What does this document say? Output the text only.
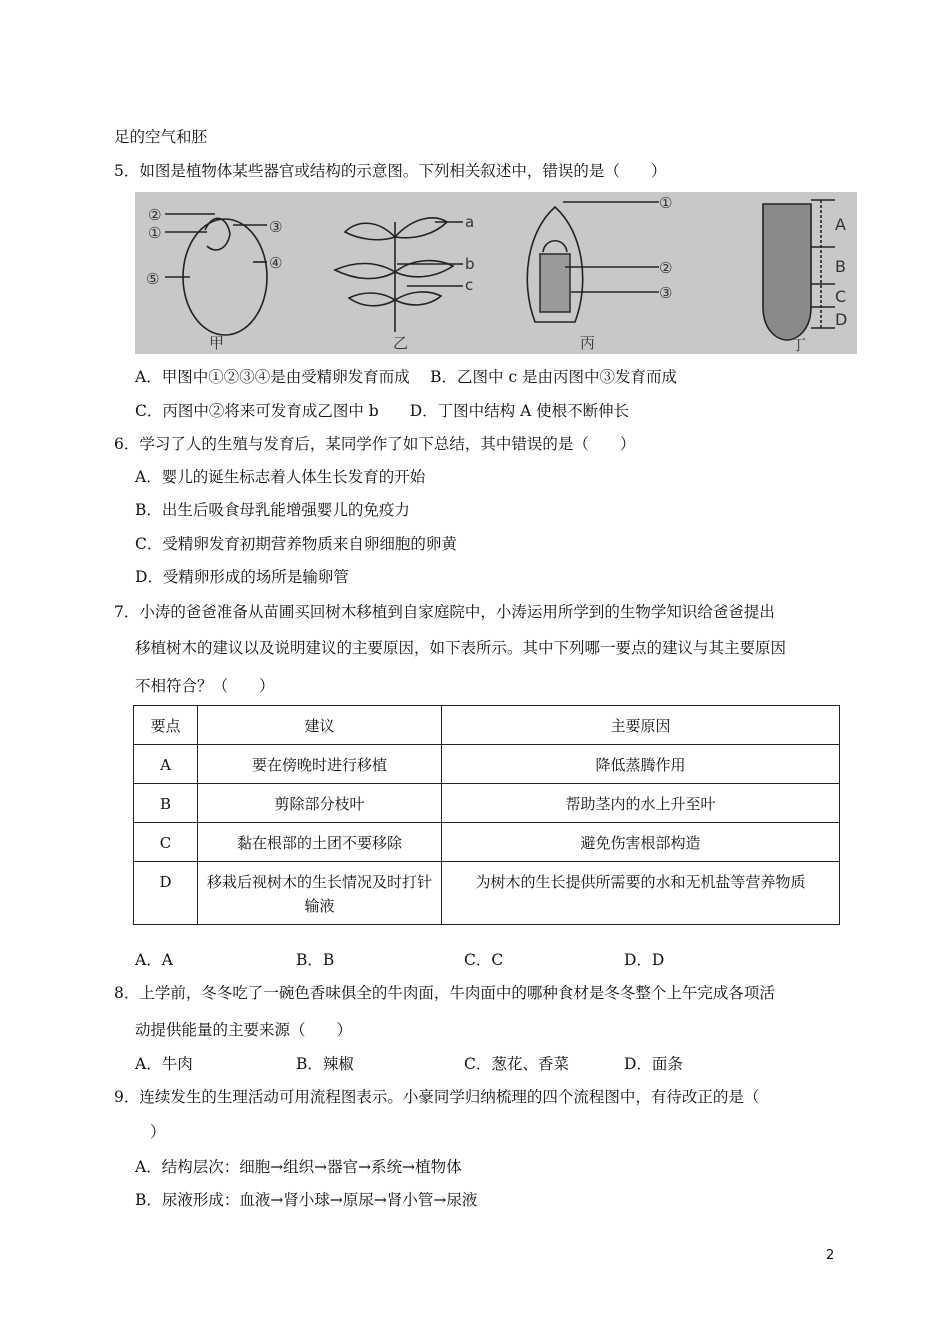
足的空气和胚
5．如图是植物体某些器官或结构的示意图。下列相关叙述中，错误的是（　　）
②
①	③
④
⑤
甲
a
b
c
乙
①
②
③
丙
A
B
C
D
丁
A．甲图中①②③④是由受精卵发育而成　 B．乙图中 c 是由丙图中③发育而成
C．丙图中②将来可发育成乙图中 b　　D．丁图中结构 A 使根不断伸长
6．学习了人的生殖与发育后，某同学作了如下总结，其中错误的是（　　）
A．婴儿的诞生标志着人体生长发育的开始
B．出生后吸食母乳能增强婴儿的免疫力
C．受精卵发育初期营养物质来自卵细胞的卵黄
D．受精卵形成的场所是输卵管
7．小涛的爸爸准备从苗圃买回树木移植到自家庭院中，小涛运用所学到的生物学知识给爸爸提出
移植树木的建议以及说明建议的主要原因，如下表所示。其中下列哪一要点的建议与其主要原因
不相符合？（　　）
要点	建议	主要原因
A	要在傍晚时进行移植	降低蒸腾作用
B	剪除部分枝叶	帮助茎内的水上升至叶
C	黏在根部的土团不要移除	避免伤害根部构造
D	移栽后视树木的生长情况及时打针输液	为树木的生长提供所需要的水和无机盐等营养物质
A．A	B．B	C．C	D．D
8．上学前，冬冬吃了一碗色香味俱全的牛肉面，牛肉面中的哪种食材是冬冬整个上午完成各项活
动提供能量的主要来源（　　）
A．牛肉	B．辣椒	C．葱花、香菜	D．面条
9．连续发生的生理活动可用流程图表示。小豪同学归纳梳理的四个流程图中，有待改正的是（
）
A．结构层次：细胞→组织→器官→系统→植物体
B．尿液形成：血液→肾小球→原尿→肾小管→尿液
2
